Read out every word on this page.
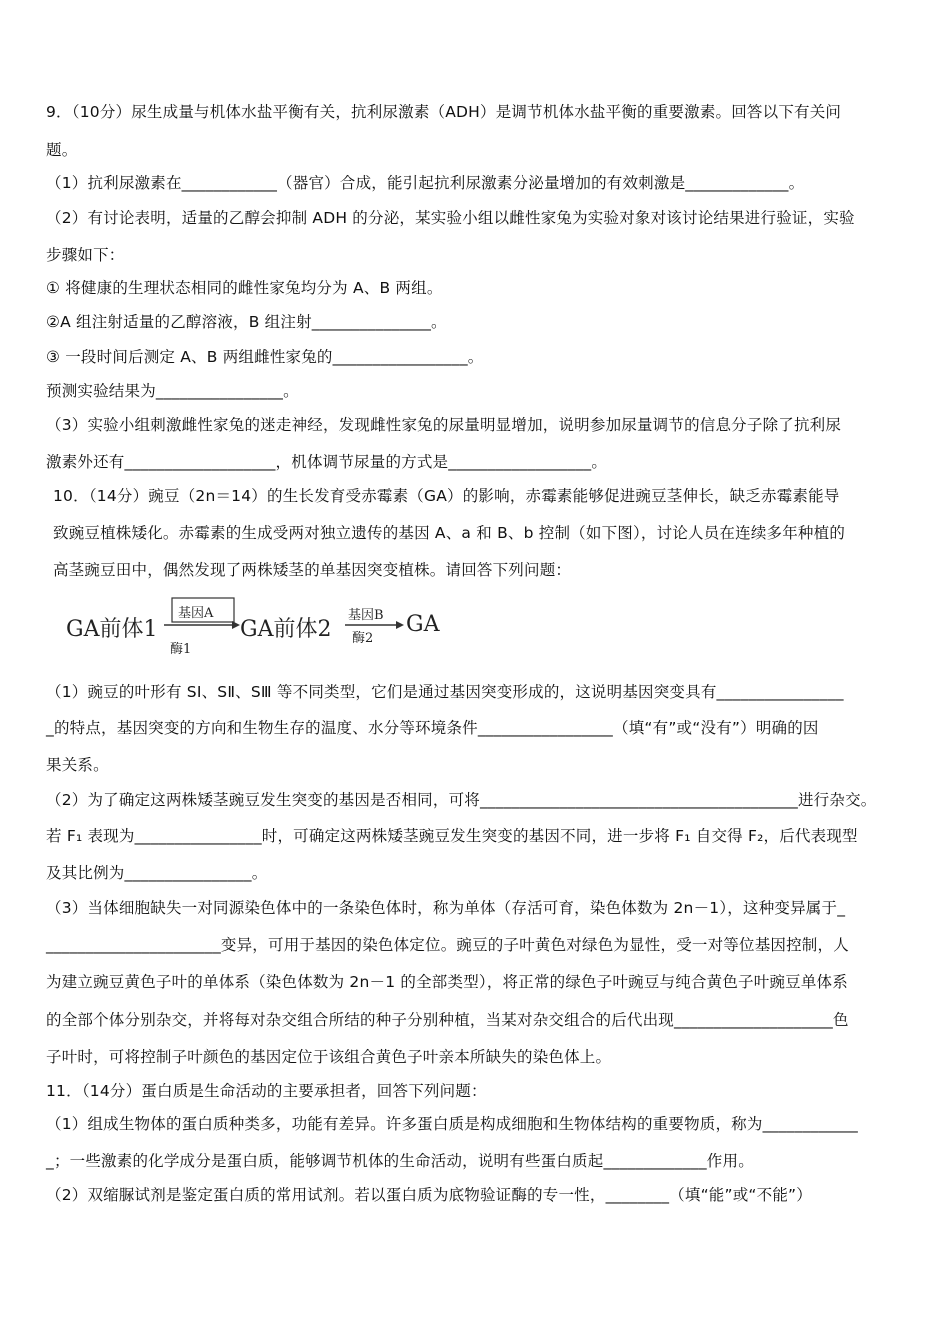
9．（10分）尿生成量与机体水盐平衡有关，抗利尿激素（ADH）是调节机体水盐平衡的重要激素。回答以下有关问
题。
（1）抗利尿激素在____________（器官）合成，能引起抗利尿激素分泌量增加的有效刺激是_____________。
（2）有讨论表明，适量的乙醇会抑制 ADH 的分泌，某实验小组以雌性家兔为实验对象对该讨论结果进行验证，实验
步骤如下：
① 将健康的生理状态相同的雌性家兔均分为 A、B 两组。
②A 组注射适量的乙醇溶液，B 组注射_______________。
③ 一段时间后测定 A、B 两组雌性家兔的_________________。
预测实验结果为________________。
（3）实验小组刺激雌性家兔的迷走神经，发现雌性家兔的尿量明显增加，说明参加尿量调节的信息分子除了抗利尿
激素外还有___________________，机体调节尿量的方式是__________________。
10．（14分）豌豆（2n＝14）的生长发育受赤霉素（GA）的影响，赤霉素能够促进豌豆茎伸长，缺乏赤霉素能导
致豌豆植株矮化。赤霉素的生成受两对独立遗传的基因 A、a 和 B、b 控制（如下图），讨论人员在连续多年种植的
高茎豌豆田中，偶然发现了两株矮茎的单基因突变植株。请回答下列问题：
GA前体1
基因A
酶1
GA前体2
基因B
酶2
GA
（1）豌豆的叶形有 SⅠ、SⅡ、SⅢ 等不同类型，它们是通过基因突变形成的，这说明基因突变具有________________
_的特点，基因突变的方向和生物生存的温度、水分等环境条件_________________（填“有”或“没有”）明确的因
果关系。
（2）为了确定这两株矮茎豌豆发生突变的基因是否相同，可将________________________________________进行杂交。
若 F₁ 表现为________________时，可确定这两株矮茎豌豆发生突变的基因不同，进一步将 F₁ 自交得 F₂，后代表现型
及其比例为________________。
（3）当体细胞缺失一对同源染色体中的一条染色体时，称为单体（存活可育，染色体数为 2n－1），这种变异属于_
______________________变异，可用于基因的染色体定位。豌豆的子叶黄色对绿色为显性，受一对等位基因控制，人
为建立豌豆黄色子叶的单体系（染色体数为 2n－1 的全部类型），将正常的绿色子叶豌豆与纯合黄色子叶豌豆单体系
的全部个体分别杂交，并将每对杂交组合所结的种子分别种植，当某对杂交组合的后代出现____________________色
子叶时，可将控制子叶颜色的基因定位于该组合黄色子叶亲本所缺失的染色体上。
11．（14分）蛋白质是生命活动的主要承担者，回答下列问题：
（1）组成生物体的蛋白质种类多，功能有差异。许多蛋白质是构成细胞和生物体结构的重要物质，称为____________
_；一些激素的化学成分是蛋白质，能够调节机体的生命活动，说明有些蛋白质起_____________作用。
（2）双缩脲试剂是鉴定蛋白质的常用试剂。若以蛋白质为底物验证酶的专一性，________（填“能”或“不能”）
